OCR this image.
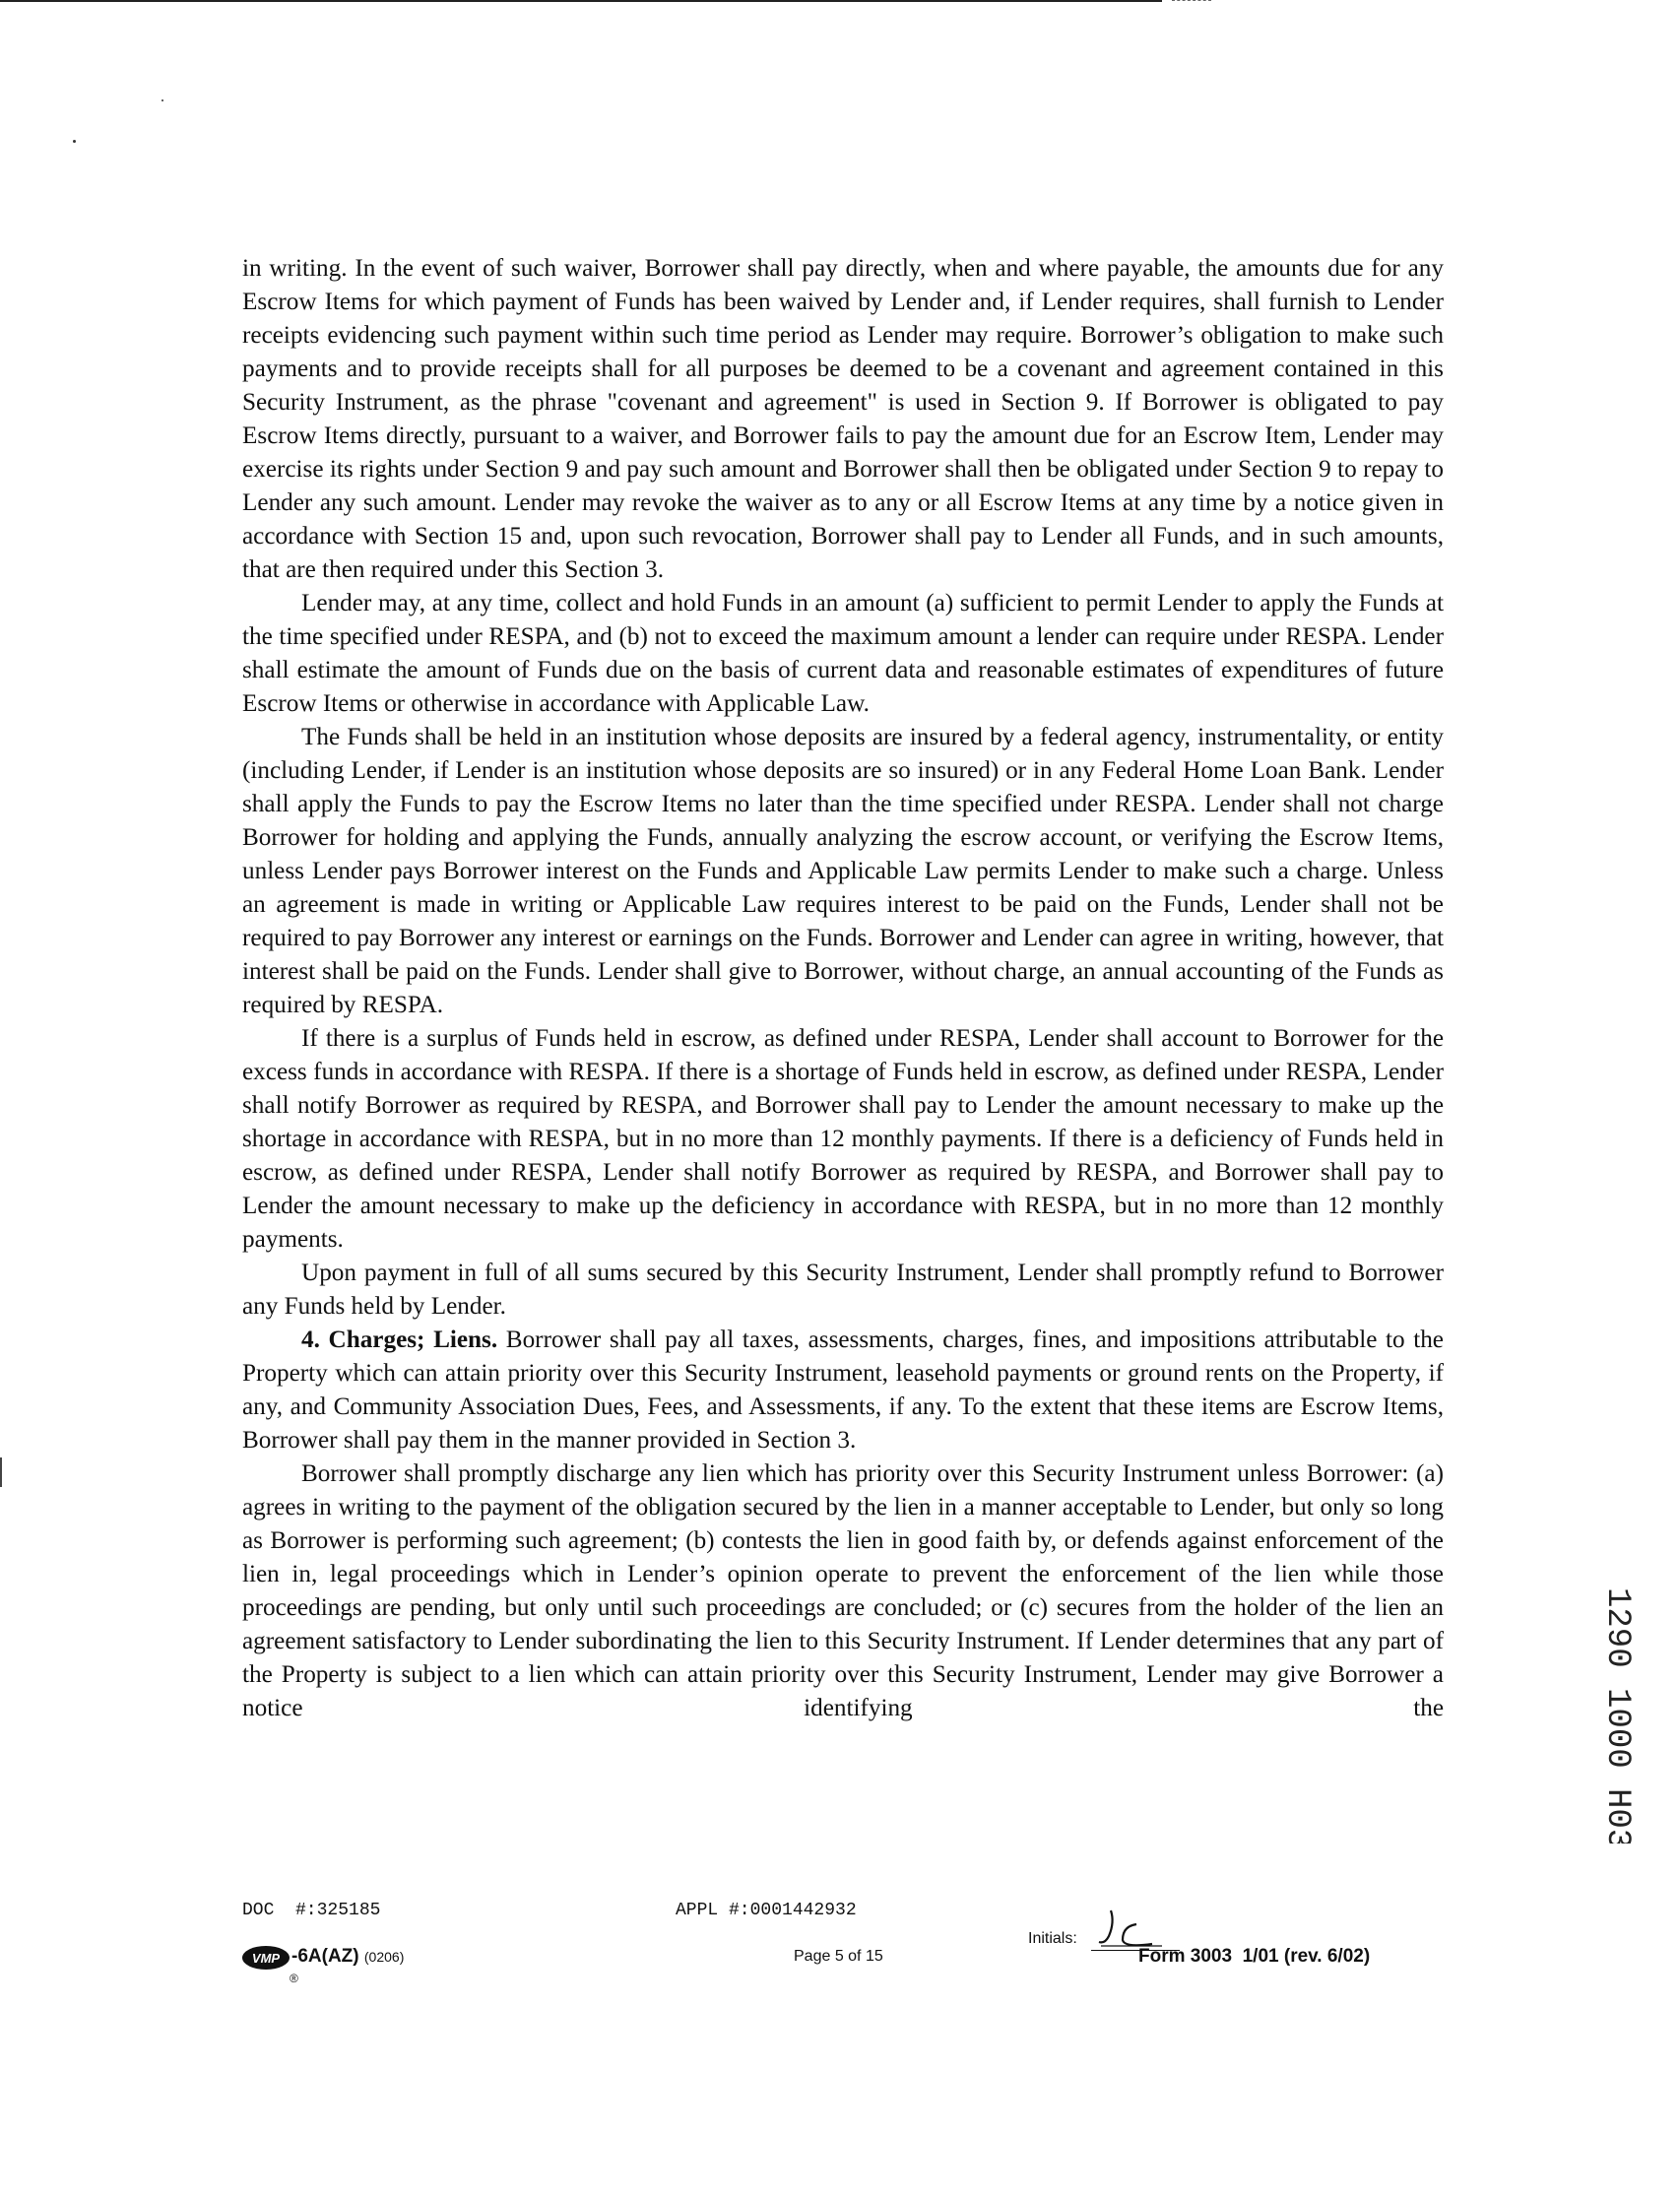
in writing. In the event of such waiver, Borrower shall pay directly, when and where payable, the amounts due for any Escrow Items for which payment of Funds has been waived by Lender and, if Lender requires, shall furnish to Lender receipts evidencing such payment within such time period as Lender may require. Borrower’s obligation to make such payments and to provide receipts shall for all purposes be deemed to be a covenant and agreement contained in this Security Instrument, as the phrase "covenant and agreement" is used in Section 9. If Borrower is obligated to pay Escrow Items directly, pursuant to a waiver, and Borrower fails to pay the amount due for an Escrow Item, Lender may exercise its rights under Section 9 and pay such amount and Borrower shall then be obligated under Section 9 to repay to Lender any such amount. Lender may revoke the waiver as to any or all Escrow Items at any time by a notice given in accordance with Section 15 and, upon such revocation, Borrower shall pay to Lender all Funds, and in such amounts, that are then required under this Section 3.

Lender may, at any time, collect and hold Funds in an amount (a) sufficient to permit Lender to apply the Funds at the time specified under RESPA, and (b) not to exceed the maximum amount a lender can require under RESPA. Lender shall estimate the amount of Funds due on the basis of current data and reasonable estimates of expenditures of future Escrow Items or otherwise in accordance with Applicable Law.

The Funds shall be held in an institution whose deposits are insured by a federal agency, instrumentality, or entity (including Lender, if Lender is an institution whose deposits are so insured) or in any Federal Home Loan Bank. Lender shall apply the Funds to pay the Escrow Items no later than the time specified under RESPA. Lender shall not charge Borrower for holding and applying the Funds, annually analyzing the escrow account, or verifying the Escrow Items, unless Lender pays Borrower interest on the Funds and Applicable Law permits Lender to make such a charge. Unless an agreement is made in writing or Applicable Law requires interest to be paid on the Funds, Lender shall not be required to pay Borrower any interest or earnings on the Funds. Borrower and Lender can agree in writing, however, that interest shall be paid on the Funds. Lender shall give to Borrower, without charge, an annual accounting of the Funds as required by RESPA.

If there is a surplus of Funds held in escrow, as defined under RESPA, Lender shall account to Borrower for the excess funds in accordance with RESPA. If there is a shortage of Funds held in escrow, as defined under RESPA, Lender shall notify Borrower as required by RESPA, and Borrower shall pay to Lender the amount necessary to make up the shortage in accordance with RESPA, but in no more than 12 monthly payments. If there is a deficiency of Funds held in escrow, as defined under RESPA, Lender shall notify Borrower as required by RESPA, and Borrower shall pay to Lender the amount necessary to make up the deficiency in accordance with RESPA, but in no more than 12 monthly payments.

Upon payment in full of all sums secured by this Security Instrument, Lender shall promptly refund to Borrower any Funds held by Lender.

4. Charges; Liens. Borrower shall pay all taxes, assessments, charges, fines, and impositions attributable to the Property which can attain priority over this Security Instrument, leasehold payments or ground rents on the Property, if any, and Community Association Dues, Fees, and Assessments, if any. To the extent that these items are Escrow Items, Borrower shall pay them in the manner provided in Section 3.

Borrower shall promptly discharge any lien which has priority over this Security Instrument unless Borrower: (a) agrees in writing to the payment of the obligation secured by the lien in a manner acceptable to Lender, but only so long as Borrower is performing such agreement; (b) contests the lien in good faith by, or defends against enforcement of the lien in, legal proceedings which in Lender’s opinion operate to prevent the enforcement of the lien while those proceedings are pending, but only until such proceedings are concluded; or (c) secures from the holder of the lien an agreement satisfactory to Lender subordinating the lien to this Security Instrument. If Lender determines that any part of the Property is subject to a lien which can attain priority over this Security Instrument, Lender may give Borrower a notice identifying the	1290 1000 H0300H
DOC  #:325185	APPL #:0001442932
VMP
®
-6A(AZ) (0206)	Page 5 of 15
Initials:
Form 3003  1/01 (rev. 6/02)
